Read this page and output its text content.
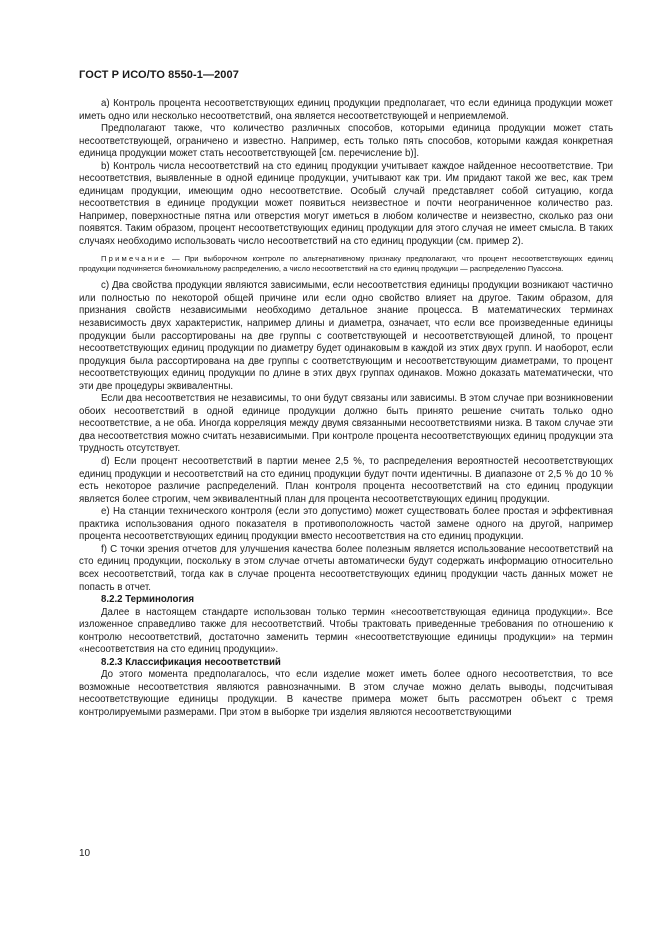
ГОСТ Р ИСО/ТО 8550-1—2007

a) Контроль процента несоответствующих единиц продукции предполагает, что если единица продукции может иметь одно или несколько несоответствий, она является несоответствующей и неприемлемой.

Предполагают также, что количество различных способов, которыми единица продукции может стать несоответствующей, ограничено и известно. Например, есть только пять способов, которыми каждая конкретная единица продукции может стать несоответствующей [см. перечисление b)].

b) Контроль числа несоответствий на сто единиц продукции учитывает каждое найденное несоответствие. Три несоответствия, выявленные в одной единице продукции, учитывают как три. Им придают такой же вес, как трем единицам продукции, имеющим одно несоответствие. Особый случай представляет собой ситуацию, когда несоответствия в единице продукции может появиться неизвестное и почти неограниченное количество раз. Например, поверхностные пятна или отверстия могут иметься в любом количестве и неизвестно, сколько раз они появятся. Таким образом, процент несоответствующих единиц продукции для этого случая не имеет смысла. В таких случаях необходимо использовать число несоответствий на сто единиц продукции (см. пример 2).

Примечание — При выборочном контроле по альтернативному признаку предполагают, что процент несоответствующих единиц продукции подчиняется биномиальному распределению, а число несоответствий на сто единиц продукции — распределению Пуассона.

c) Два свойства продукции являются зависимыми, если несоответствия единицы продукции возникают частично или полностью по некоторой общей причине или если одно свойство влияет на другое. Таким образом, для признания свойств независимыми необходимо детальное знание процесса. В математических терминах независимость двух характеристик, например длины и диаметра, означает, что если все произведенные единицы продукции были рассортированы на две группы с соответствующей и несоответствующей длиной, то процент несоответствующих единиц продукции по диаметру будет одинаковым в каждой из этих двух групп. И наоборот, если продукция была рассортирована на две группы с соответствующим и несоответствующим диаметрами, то процент несоответствующих единиц продукции по длине в этих двух группах одинаков. Можно доказать математически, что эти две процедуры эквивалентны.

Если два несоответствия не независимы, то они будут связаны или зависимы. В этом случае при возникновении обоих несоответствий в одной единице продукции должно быть принято решение считать только одно несоответствие, а не оба. Иногда корреляция между двумя связанными несоответствиями низка. В таком случае эти два несоответствия можно считать независимыми. При контроле процента несоответствующих единиц продукции эта трудность отсутствует.

d) Если процент несоответствий в партии менее 2,5 %, то распределения вероятностей несоответствующих единиц продукции и несоответствий на сто единиц продукции будут почти идентичны. В диапазоне от 2,5 % до 10 % есть некоторое различие распределений. План контроля процента несоответствий на сто единиц продукции является более строгим, чем эквивалентный план для процента несоответствующих единиц продукции.

e) На станции технического контроля (если это допустимо) может существовать более простая и эффективная практика использования одного показателя в противоположность частой замене одного на другой, например процента несоответствующих единиц продукции вместо несоответствия на сто единиц продукции.

f) С точки зрения отчетов для улучшения качества более полезным является использование несоответствий на сто единиц продукции, поскольку в этом случае отчеты автоматически будут содержать информацию относительно всех несоответствий, тогда как в случае процента несоответствующих единиц продукции часть данных может не попасть в отчет.

8.2.2 Терминология

Далее в настоящем стандарте использован только термин «несоответствующая единица продукции». Все изложенное справедливо также для несоответствий. Чтобы трактовать приведенные требования по отношению к контролю несоответствий, достаточно заменить термин «несоответствующие единицы продукции» на термин «несоответствия на сто единиц продукции».

8.2.3 Классификация несоответствий

До этого момента предполагалось, что если изделие может иметь более одного несоответствия, то все возможные несоответствия являются равнозначными. В этом случае можно делать выводы, подсчитывая несоответствующие единицы продукции. В качестве примера может быть рассмотрен объект с тремя контролируемыми размерами. При этом в выборке три изделия являются несоответствующими

10
